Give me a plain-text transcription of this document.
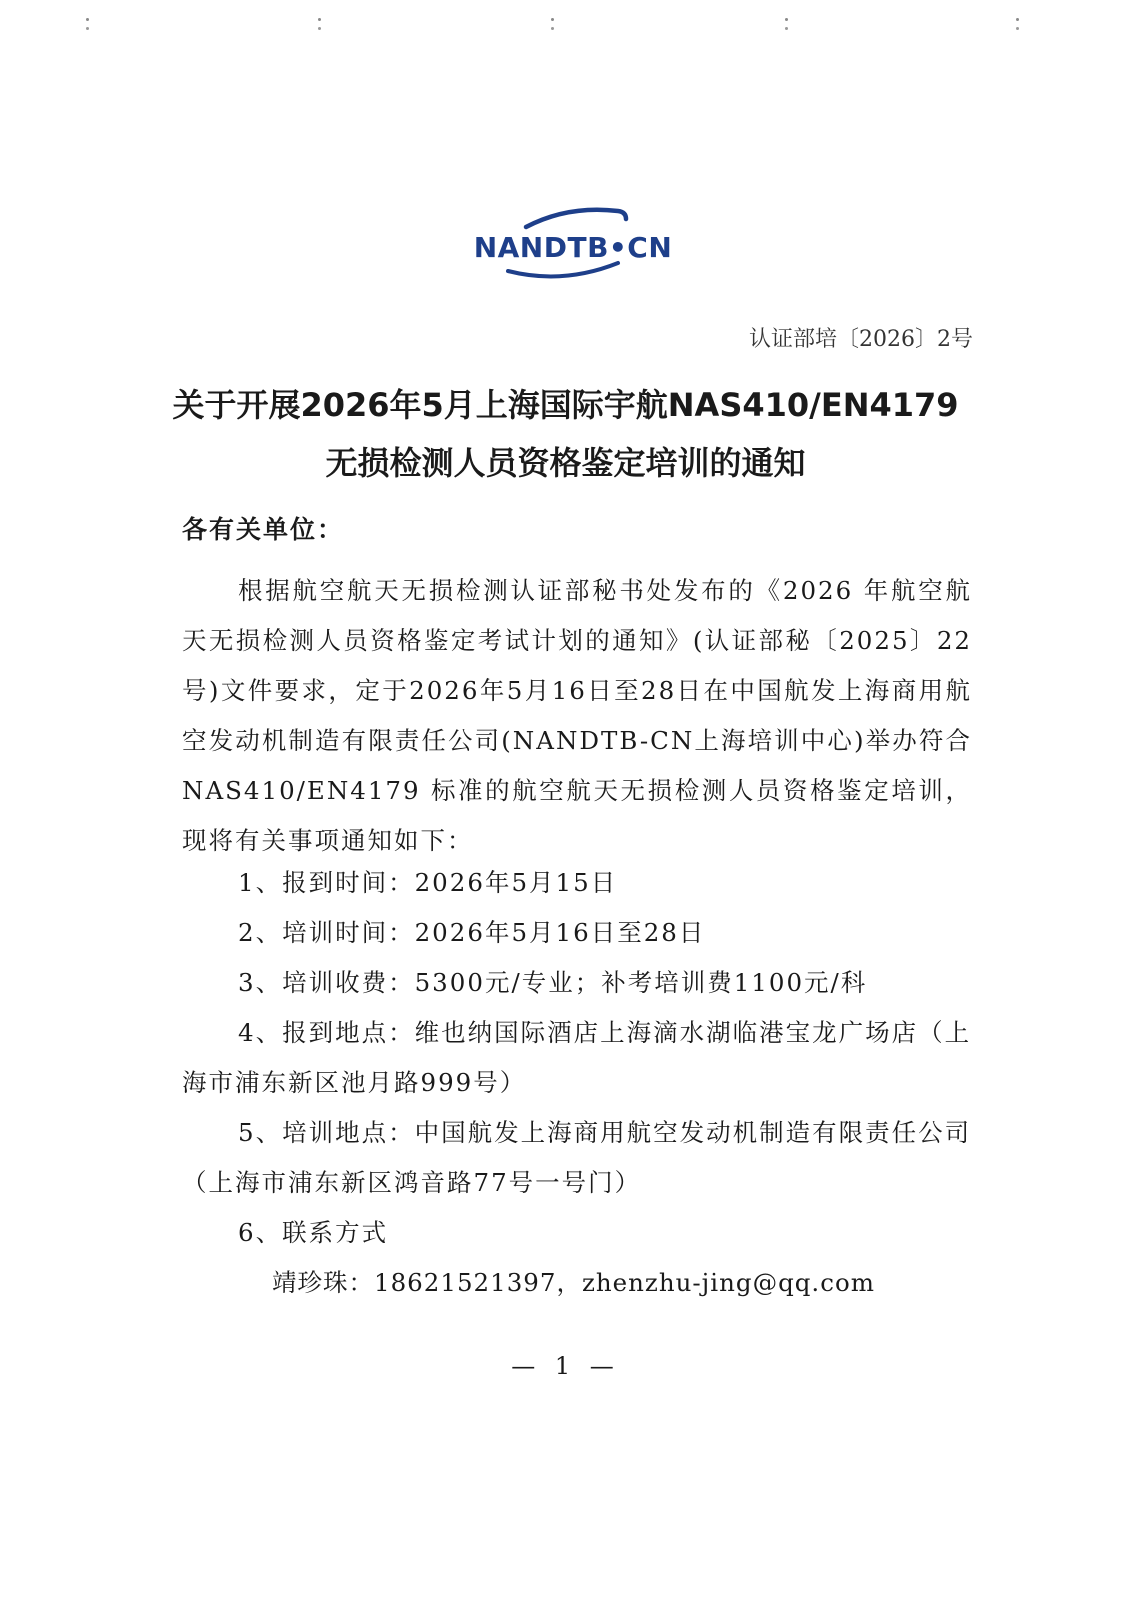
NANDTB•CN
认证部培〔2026〕2号
关于开展2026年5月上海国际宇航NAS410/EN4179
无损检测人员资格鉴定培训的通知
各有关单位：
根据航空航天无损检测认证部秘书处发布的《2026 年航空航天无损检测人员资格鉴定考试计划的通知》(认证部秘〔2025〕22号)文件要求，定于2026年5月16日至28日在中国航发上海商用航空发动机制造有限责任公司(NANDTB-CN上海培训中心)举办符合 NAS410/EN4179 标准的航空航天无损检测人员资格鉴定培训，现将有关事项通知如下：
1、报到时间：2026年5月15日
2、培训时间：2026年5月16日至28日
3、培训收费：5300元/专业；补考培训费1100元/科
4、报到地点：维也纳国际酒店上海滴水湖临港宝龙广场店（上海市浦东新区池月路999号）
5、培训地点：中国航发上海商用航空发动机制造有限责任公司（上海市浦东新区鸿音路77号一号门）
6、联系方式
靖珍珠：18621521397，zhenzhu-jing@qq.com
— 1 —
